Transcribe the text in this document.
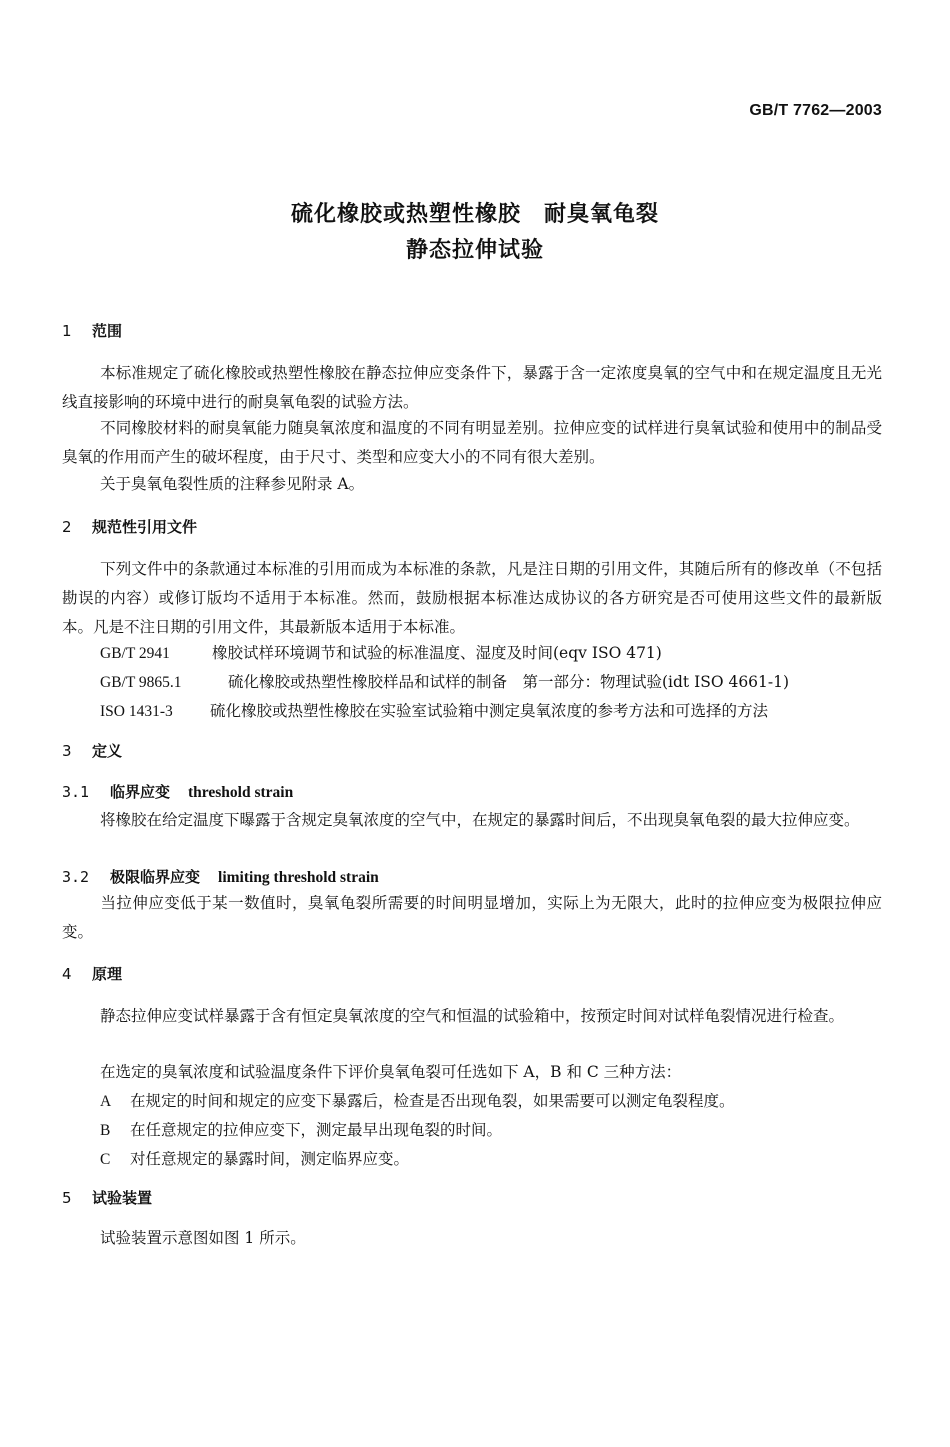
GB/T 7762—2003
硫化橡胶或热塑性橡胶　耐臭氧龟裂
静态拉伸试验
1 范围
本标准规定了硫化橡胶或热塑性橡胶在静态拉伸应变条件下，暴露于含一定浓度臭氧的空气中和在规定温度且无光线直接影响的环境中进行的耐臭氧龟裂的试验方法。
不同橡胶材料的耐臭氧能力随臭氧浓度和温度的不同有明显差别。拉伸应变的试样进行臭氧试验和使用中的制品受臭氧的作用而产生的破坏程度，由于尺寸、类型和应变大小的不同有很大差别。
关于臭氧龟裂性质的注释参见附录 A。
2 规范性引用文件
下列文件中的条款通过本标准的引用而成为本标准的条款，凡是注日期的引用文件，其随后所有的修改单（不包括勘误的内容）或修订版均不适用于本标准。然而，鼓励根据本标准达成协议的各方研究是否可使用这些文件的最新版本。凡是不注日期的引用文件，其最新版本适用于本标准。
GB/T 2941	橡胶试样环境调节和试验的标准温度、湿度及时间(eqv ISO 471)
GB/T 9865.1	硫化橡胶或热塑性橡胶样品和试样的制备　第一部分：物理试验(idt ISO 4661-1)
ISO 1431-3 硫化橡胶或热塑性橡胶在实验室试验箱中测定臭氧浓度的参考方法和可选择的方法
3 定义
3.1 临界应变 threshold strain
将橡胶在给定温度下曝露于含规定臭氧浓度的空气中，在规定的暴露时间后，不出现臭氧龟裂的最大拉伸应变。
3.2 极限临界应变 limiting threshold strain
当拉伸应变低于某一数值时，臭氧龟裂所需要的时间明显增加，实际上为无限大，此时的拉伸应变为极限拉伸应变。
4 原理
静态拉伸应变试样暴露于含有恒定臭氧浓度的空气和恒温的试验箱中，按预定时间对试样龟裂情况进行检查。
在选定的臭氧浓度和试验温度条件下评价臭氧龟裂可任选如下 A，B 和 C 三种方法：
A 在规定的时间和规定的应变下暴露后，检查是否出现龟裂，如果需要可以测定龟裂程度。
B 在任意规定的拉伸应变下，测定最早出现龟裂的时间。
C 对任意规定的暴露时间，测定临界应变。
5 试验装置
试验装置示意图如图 1 所示。
